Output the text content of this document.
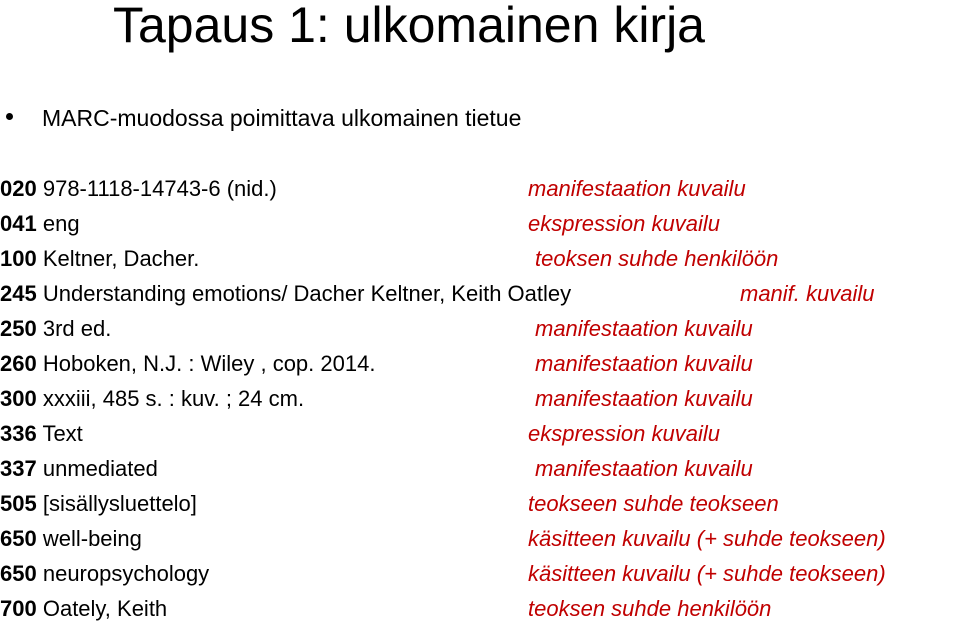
Tapaus 1: ulkomainen kirja
MARC-muodossa poimittava ulkomainen tietue
020 978-1118-14743-6 (nid.)	manifestaation kuvailu
041 eng	ekspression kuvailu
100 Keltner, Dacher.	teoksen suhde henkilöön
245 Understanding emotions/ Dacher Keltner, Keith Oatley	manif. kuvailu
250 3rd ed.	manifestaation kuvailu
260 Hoboken, N.J. : Wiley , cop. 2014.	manifestaation kuvailu
300 xxxiii, 485 s. : kuv. ; 24 cm.	manifestaation kuvailu
336 Text	ekspression kuvailu
337 unmediated	manifestaation kuvailu
505 [sisällysluettelo]	teokseen suhde teokseen
650 well-being	käsitteen kuvailu (+ suhde teokseen)
650 neuropsychology	käsitteen kuvailu (+ suhde teokseen)
700 Oately, Keith	teoksen suhde henkilöön
